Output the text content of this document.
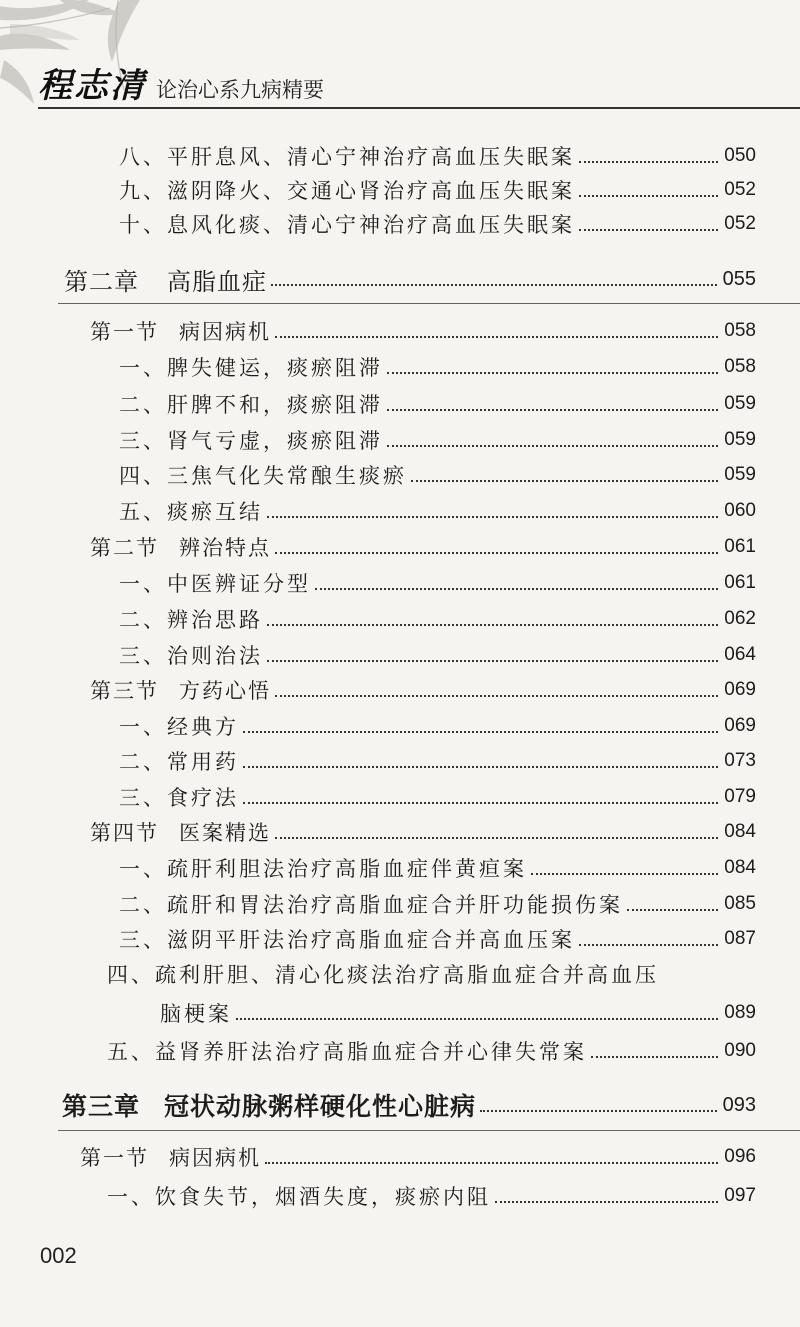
程志清 论治心系九病精要
八、平肝息风、清心宁神治疗高血压失眠案	050
九、滋阴降火、交通心肾治疗高血压失眠案	052
十、息风化痰、清心宁神治疗高血压失眠案	052
第二章 高脂血症	055
第一节 病因病机	058
一、脾失健运，痰瘀阻滞	058
二、肝脾不和，痰瘀阻滞	059
三、肾气亏虚，痰瘀阻滞	059
四、三焦气化失常酿生痰瘀	059
五、痰瘀互结	060
第二节 辨治特点	061
一、中医辨证分型	061
二、辨治思路	062
三、治则治法	064
第三节 方药心悟	069
一、经典方	069
二、常用药	073
三、食疗法	079
第四节 医案精选	084
一、疏肝利胆法治疗高脂血症伴黄疸案	084
二、疏肝和胃法治疗高脂血症合并肝功能损伤案	085
三、滋阴平肝法治疗高脂血症合并高血压案	087
四、疏利肝胆、清心化痰法治疗高脂血症合并高血压
脑梗案	089
五、益肾养肝法治疗高脂血症合并心律失常案	090
第三章 冠状动脉粥样硬化性心脏病	093
第一节 病因病机	096
一、饮食失节，烟酒失度，痰瘀内阻	097
002
